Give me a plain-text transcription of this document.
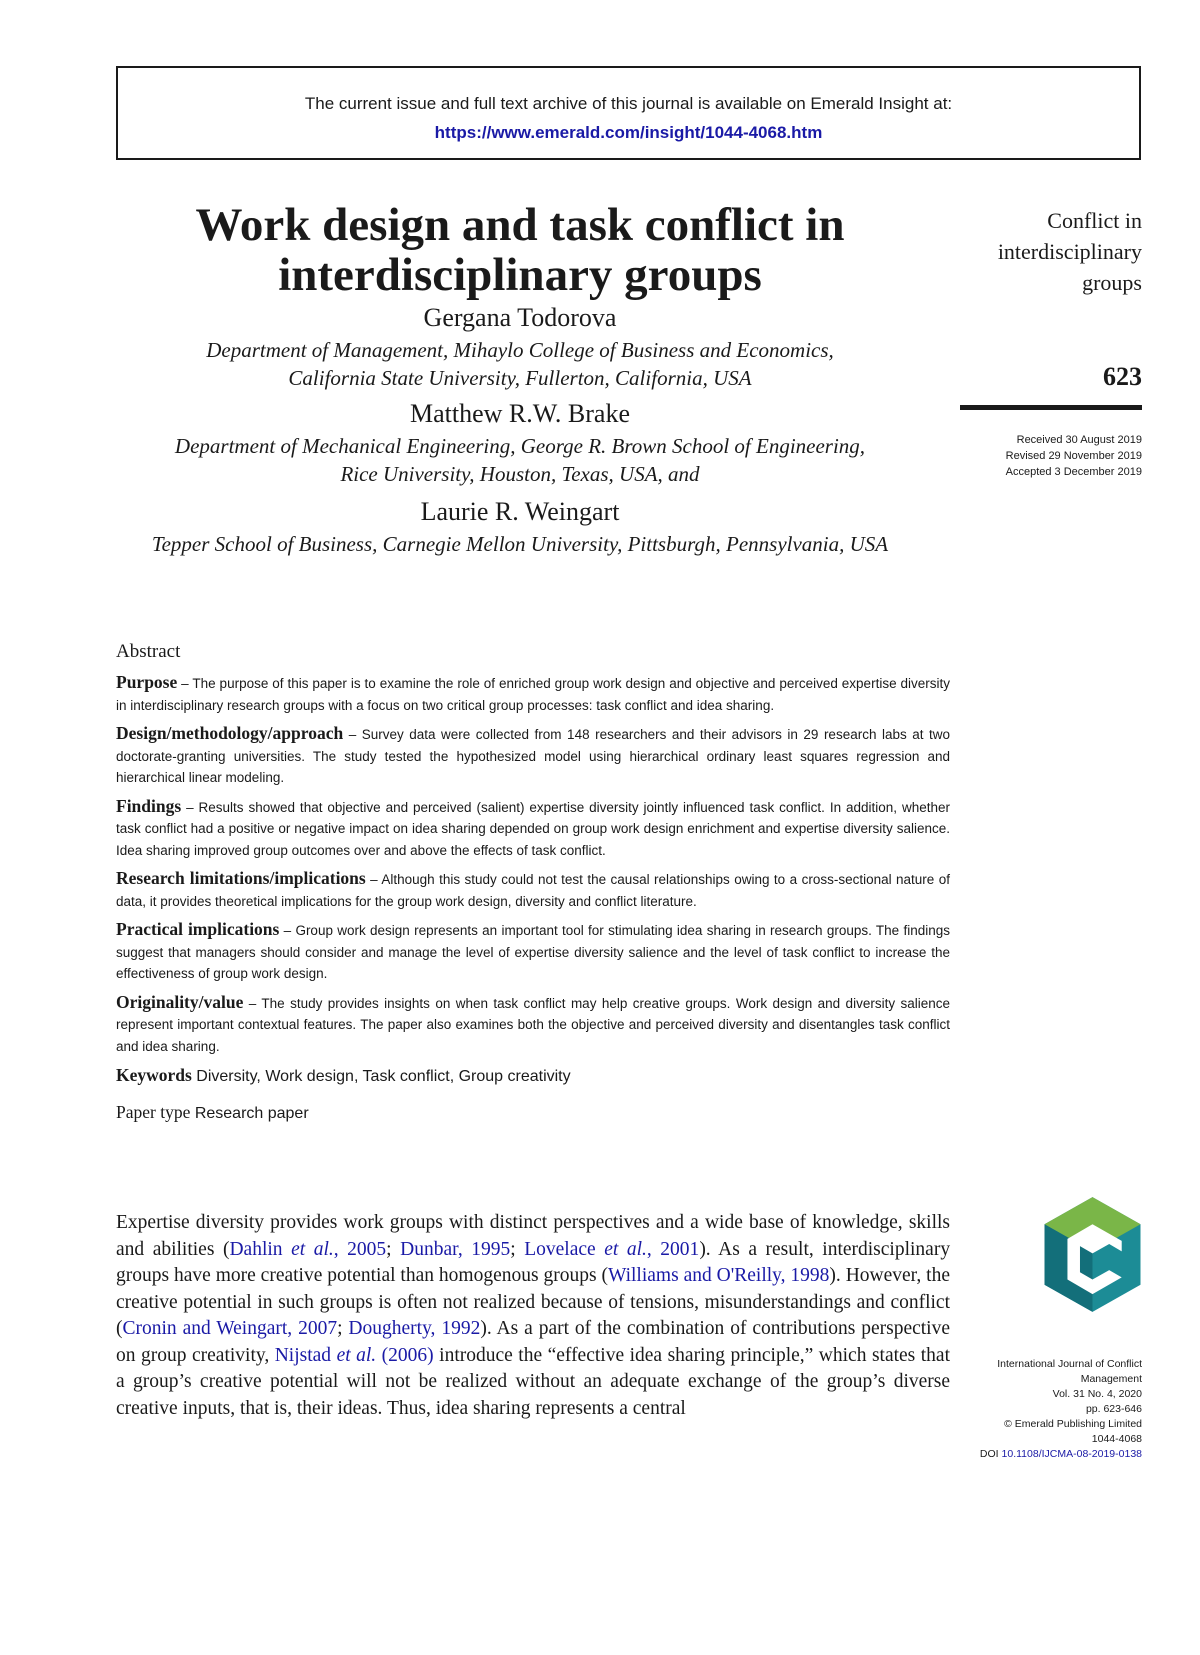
The current issue and full text archive of this journal is available on Emerald Insight at:
https://www.emerald.com/insight/1044-4068.htm
Work design and task conflict in
interdisciplinary groups
Gergana Todorova
Department of Management, Mihaylo College of Business and Economics,
California State University, Fullerton, California, USA
Matthew R.W. Brake
Department of Mechanical Engineering, George R. Brown School of Engineering,
Rice University, Houston, Texas, USA, and
Laurie R. Weingart
Tepper School of Business, Carnegie Mellon University, Pittsburgh, Pennsylvania, USA
Conflict in
interdisciplinary
groups
623
Received 30 August 2019
Revised 29 November 2019
Accepted 3 December 2019
Abstract

Purpose – The purpose of this paper is to examine the role of enriched group work design and objective and perceived expertise diversity in interdisciplinary research groups with a focus on two critical group processes: task conflict and idea sharing.

Design/methodology/approach – Survey data were collected from 148 researchers and their advisors in 29 research labs at two doctorate-granting universities. The study tested the hypothesized model using hierarchical ordinary least squares regression and hierarchical linear modeling.

Findings – Results showed that objective and perceived (salient) expertise diversity jointly influenced task conflict. In addition, whether task conflict had a positive or negative impact on idea sharing depended on group work design enrichment and expertise diversity salience. Idea sharing improved group outcomes over and above the effects of task conflict.

Research limitations/implications – Although this study could not test the causal relationships owing to a cross-sectional nature of data, it provides theoretical implications for the group work design, diversity and conflict literature.

Practical implications – Group work design represents an important tool for stimulating idea sharing in research groups. The findings suggest that managers should consider and manage the level of expertise diversity salience and the level of task conflict to increase the effectiveness of group work design.

Originality/value – The study provides insights on when task conflict may help creative groups. Work design and diversity salience represent important contextual features. The paper also examines both the objective and perceived diversity and disentangles task conflict and idea sharing.

Keywords Diversity, Work design, Task conflict, Group creativity
Paper type Research paper

Expertise diversity provides work groups with distinct perspectives and a wide base of knowledge, skills and abilities (Dahlin et al., 2005; Dunbar, 1995; Lovelace et al., 2001). As a result, interdisciplinary groups have more creative potential than homogenous groups (Williams and O'Reilly, 1998). However, the creative potential in such groups is often not realized because of tensions, misunderstandings and conflict (Cronin and Weingart, 2007; Dougherty, 1992). As a part of the combination of contributions perspective on group creativity, Nijstad et al. (2006) introduce the “effective idea sharing principle,” which states that a group’s creative potential will not be realized without an adequate exchange of the group’s diverse creative inputs, that is, their ideas. Thus, idea sharing represents a central

International Journal of Conflict
Management
Vol. 31 No. 4, 2020
pp. 623-646
© Emerald Publishing Limited
1044-4068
DOI 10.1108/IJCMA-08-2019-0138
